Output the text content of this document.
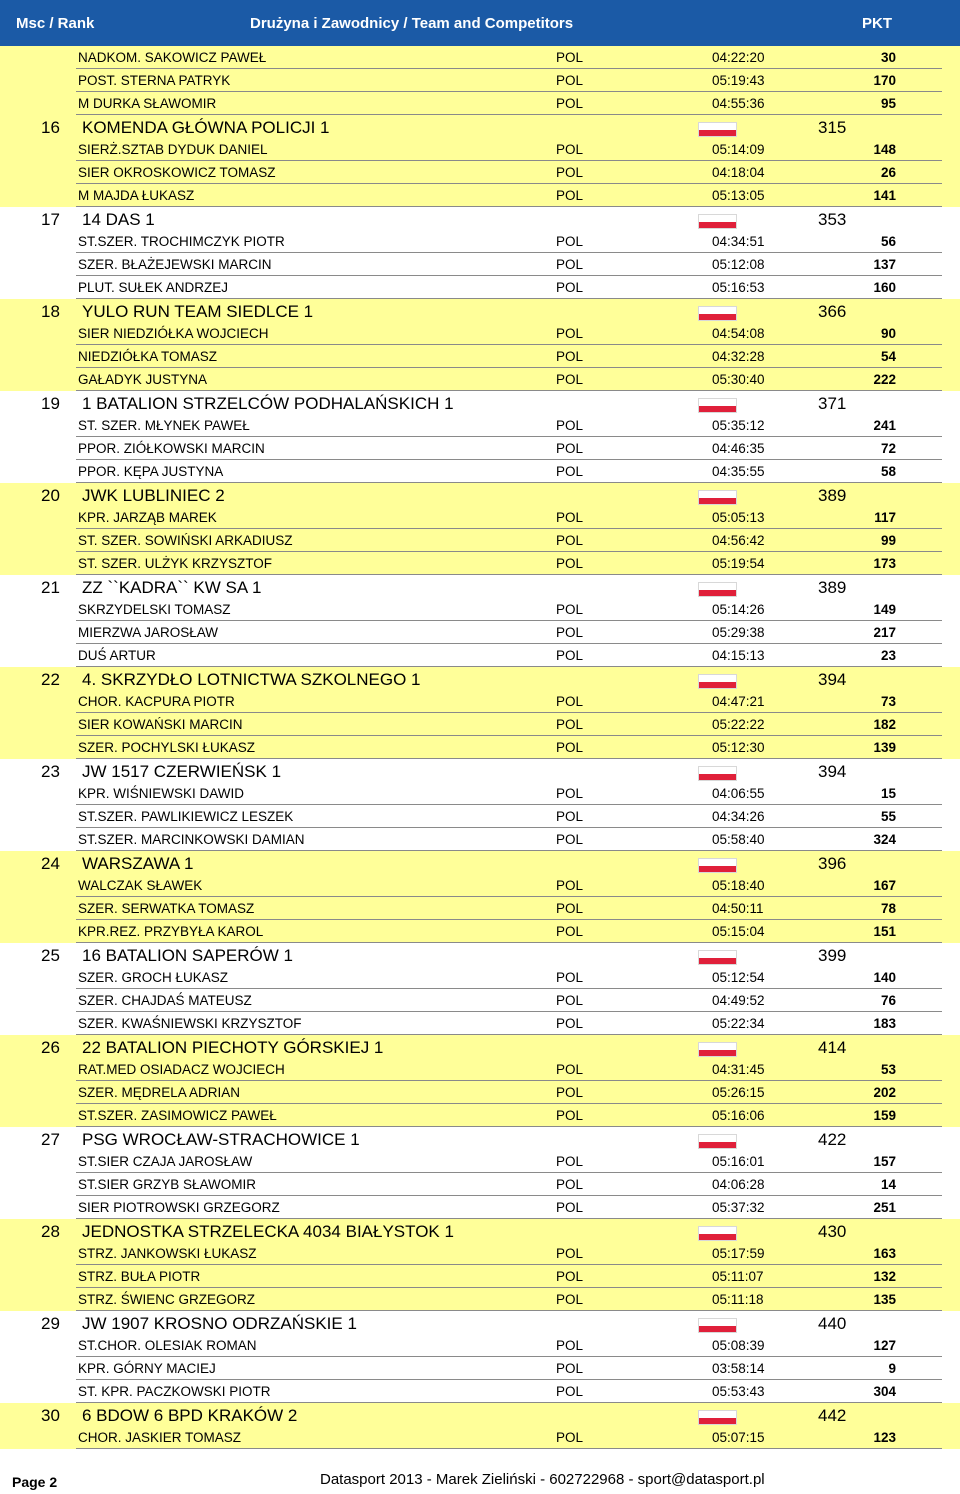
Msc / Rank	Drużyna i Zawodnicy / Team and Competitors	PKT
NADKOM. SAKOWICZ PAWEŁ	POL	04:22:20	30
POST. STERNA PATRYK	POL	05:19:43	170
M DURKA SŁAWOMIR	POL	04:55:36	95
16 KOMENDA GŁÓWNA POLICJI 1	315
SIERŻ.SZTAB DYDUK DANIEL	POL	05:14:09	148
SIER OKROSKOWICZ TOMASZ	POL	04:18:04	26
M MAJDA ŁUKASZ	POL	05:13:05	141
17 14 DAS 1	353
ST.SZER. TROCHIMCZYK PIOTR	POL	04:34:51	56
SZER. BŁAŻEJEWSKI MARCIN	POL	05:12:08	137
PLUT. SUŁEK ANDRZEJ	POL	05:16:53	160
18 YULO RUN TEAM SIEDLCE 1	366
SIER NIEDZIÓŁKA WOJCIECH	POL	04:54:08	90
NIEDZIÓŁKA TOMASZ	POL	04:32:28	54
GAŁADYK JUSTYNA	POL	05:30:40	222
19 1 BATALION STRZELCÓW PODHALAŃSKICH 1	371
ST. SZER. MŁYNEK PAWEŁ	POL	05:35:12	241
PPOR. ZIÓŁKOWSKI MARCIN	POL	04:46:35	72
PPOR. KĘPA JUSTYNA	POL	04:35:55	58
20 JWK LUBLINIEC 2	389
KPR. JARZĄB MAREK	POL	05:05:13	117
ST. SZER. SOWIŃSKI ARKADIUSZ	POL	04:56:42	99
ST. SZER. ULŻYK KRZYSZTOF	POL	05:19:54	173
21 ZZ ``KADRA`` KW SA 1	389
SKRZYDELSKI TOMASZ	POL	05:14:26	149
MIERZWA JAROSŁAW	POL	05:29:38	217
DUŚ ARTUR	POL	04:15:13	23
22 4. SKRZYDŁO LOTNICTWA SZKOLNEGO 1	394
CHOR. KACPURA PIOTR	POL	04:47:21	73
SIER KOWAŃSKI MARCIN	POL	05:22:22	182
SZER. POCHYLSKI ŁUKASZ	POL	05:12:30	139
23 JW 1517 CZERWIEŃSK 1	394
KPR. WIŚNIEWSKI DAWID	POL	04:06:55	15
ST.SZER. PAWLIKIEWICZ LESZEK	POL	04:34:26	55
ST.SZER. MARCINKOWSKI DAMIAN	POL	05:58:40	324
24 WARSZAWA 1	396
WALCZAK SŁAWEK	POL	05:18:40	167
SZER. SERWATKA TOMASZ	POL	04:50:11	78
KPR.REZ. PRZYBYŁA KAROL	POL	05:15:04	151
25 16 BATALION SAPERÓW 1	399
SZER. GROCH ŁUKASZ	POL	05:12:54	140
SZER. CHAJDAŚ MATEUSZ	POL	04:49:52	76
SZER. KWAŚNIEWSKI KRZYSZTOF	POL	05:22:34	183
26 22 BATALION PIECHOTY GÓRSKIEJ 1	414
RAT.MED OSIADACZ WOJCIECH	POL	04:31:45	53
SZER. MĘDRELA ADRIAN	POL	05:26:15	202
ST.SZER. ZASIMOWICZ PAWEŁ	POL	05:16:06	159
27 PSG WROCŁAW-STRACHOWICE 1	422
ST.SIER CZAJA JAROSŁAW	POL	05:16:01	157
ST.SIER GRZYB SŁAWOMIR	POL	04:06:28	14
SIER PIOTROWSKI GRZEGORZ	POL	05:37:32	251
28 JEDNOSTKA STRZELECKA 4034 BIAŁYSTOK 1	430
STRZ. JANKOWSKI ŁUKASZ	POL	05:17:59	163
STRZ. BUŁA PIOTR	POL	05:11:07	132
STRZ. ŚWIENC GRZEGORZ	POL	05:11:18	135
29 JW 1907 KROSNO ODRZAŃSKIE 1	440
ST.CHOR. OLESIAK ROMAN	POL	05:08:39	127
KPR. GÓRNY MACIEJ	POL	03:58:14	9
ST. KPR. PACZKOWSKI PIOTR	POL	05:53:43	304
30 6 BDOW 6 BPD KRAKÓW 2	442
CHOR. JASKIER TOMASZ	POL	05:07:15	123
Page 2	Datasport 2013 - Marek Zieliński - 602722968 - sport@datasport.pl
